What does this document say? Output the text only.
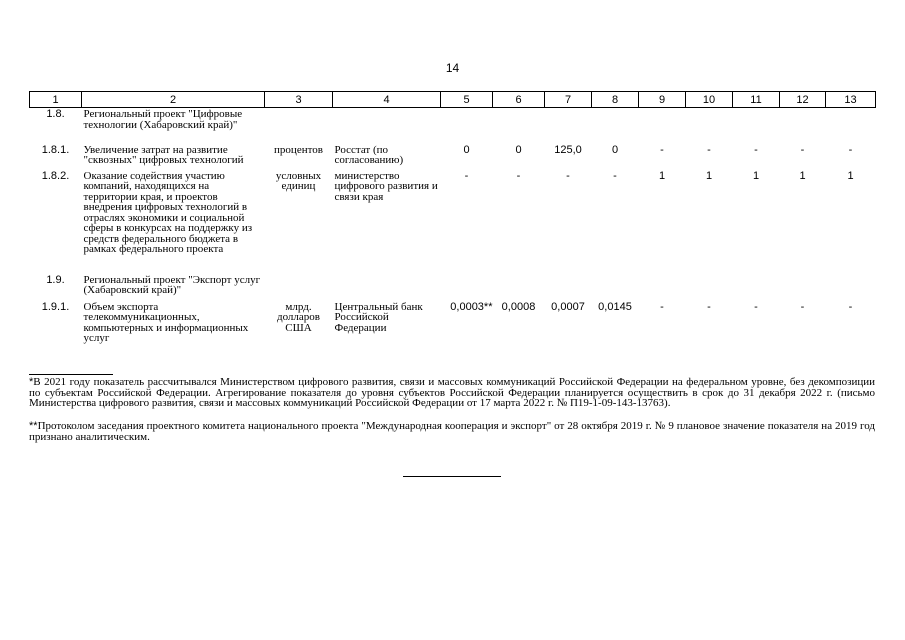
14
1	2	3	4	5	6	7	8	9	10	11	12	13
1.8.	Региональный проект "Цифровые технологии (Хабаровский край)"											
1.8.1.	Увеличение затрат на развитие "сквозных" цифровых технологий	процентов	Росстат (по согласованию)	0	0	125,0	0	-	-	-	-	-
1.8.2.	Оказание содействия участию компаний, находящихся на территории края, и проектов внедрения цифровых технологий в отраслях экономики и социальной сферы в конкурсах на поддержку из средств федерального бюджета в рамках федерального проекта	условных единиц	министерство цифрового развития и связи края	-	-	-	-	1	1	1	1	1
1.9.	Региональный проект "Экспорт услуг (Хабаровский край)"											
1.9.1.	Объем экспорта телекоммуникационных, компьютерных и информационных услуг	млрд. долларов США	Центральный банк Российской Федерации	0,0003**	0,0008	0,0007	0,0145	-	-	-	-	-
*В 2021 году показатель рассчитывался Министерством цифрового развития, связи и массовых коммуникаций Российской Федерации на федеральном уровне, без декомпозиции по субъектам Российской Федерации. Агрегирование показателя до уровня субъектов Российской Федерации планируется осуществить в срок до 31 декабря 2022 г. (письмо Министерства цифрового развития, связи и массовых коммуникаций Российской Федерации от 17 марта 2022 г. № П19-1-09-143-13763).
**Протоколом заседания проектного комитета национального проекта "Международная кооперация и экспорт" от 28 октября 2019 г. № 9 плановое значение показателя на 2019 год признано аналитическим.
